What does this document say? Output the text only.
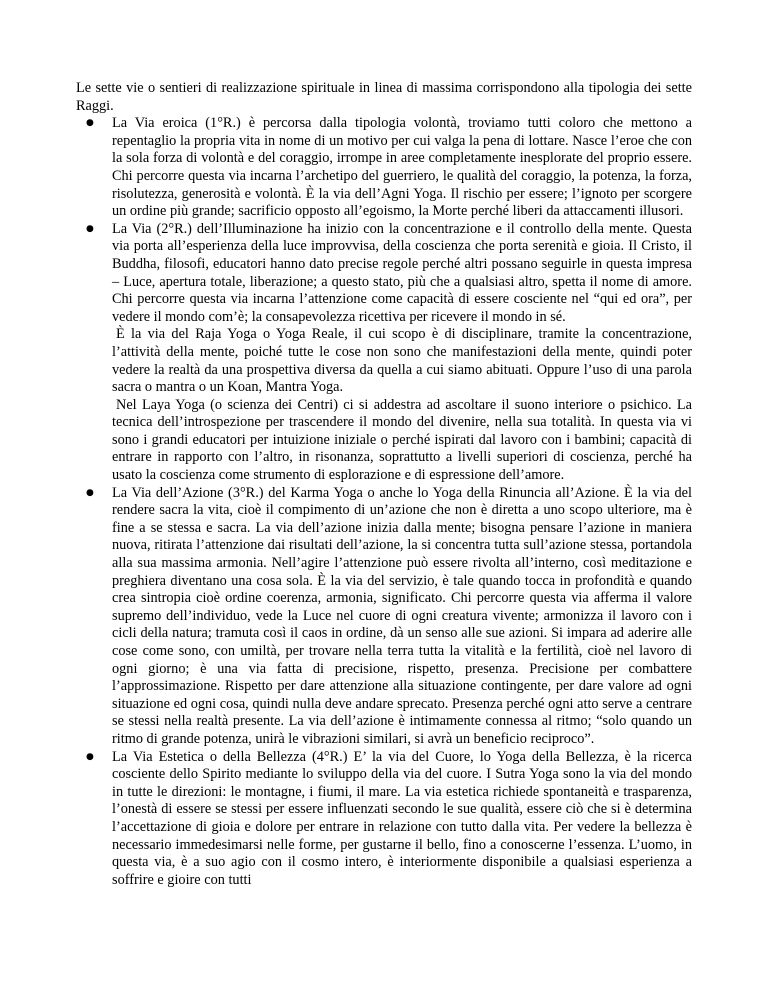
Le sette vie o sentieri di realizzazione spirituale in linea di massima corrispondono alla tipologia dei sette Raggi.

● La Via eroica (1°R.) è percorsa dalla tipologia volontà, troviamo tutti coloro che mettono a repentaglio la propria vita in nome di un motivo per cui valga la pena di lottare. Nasce l’eroe che con la sola forza di volontà e del coraggio, irrompe in aree completamente inesplorate del proprio essere. Chi percorre questa via incarna l’archetipo del guerriero, le qualità del coraggio, la potenza, la forza, risolutezza, generosità e volontà. È la via dell’Agni Yoga. Il rischio per essere; l’ignoto per scorgere un ordine più grande; sacrificio opposto all’egoismo, la Morte perché liberi da attaccamenti illusori.

● La Via (2°R.) dell’Illuminazione ha inizio con la concentrazione e il controllo della mente. Questa via porta all’esperienza della luce improvvisa, della coscienza che porta serenità e gioia. Il Cristo, il Buddha, filosofi, educatori hanno dato precise regole perché altri possano seguirle in questa impresa – Luce, apertura totale, liberazione; a questo stato, più che a qualsiasi altro, spetta il nome di amore. Chi percorre questa via incarna l’attenzione come capacità di essere cosciente nel “qui ed ora”, per vedere il mondo com’è; la consapevolezza ricettiva per ricevere il mondo in sé.

È la via del Raja Yoga o Yoga Reale, il cui scopo è di disciplinare, tramite la concentrazione, l’attività della mente, poiché tutte le cose non sono che manifestazioni della mente, quindi poter vedere la realtà da una prospettiva diversa da quella a cui siamo abituati. Oppure l’uso di una parola sacra o mantra o un Koan, Mantra Yoga.

Nel Laya Yoga (o scienza dei Centri) ci si addestra ad ascoltare il suono interiore o psichico. La tecnica dell’introspezione per trascendere il mondo del divenire, nella sua totalità. In questa via vi sono i grandi educatori per intuizione iniziale o perché ispirati dal lavoro con i bambini; capacità di entrare in rapporto con l’altro, in risonanza, soprattutto a livelli superiori di coscienza, perché ha usato la coscienza come strumento di esplorazione e di espressione dell’amore.

● La Via dell’Azione (3°R.) del Karma Yoga o anche lo Yoga della Rinuncia all’Azione. È la via del rendere sacra la vita, cioè il compimento di un’azione che non è diretta a uno scopo ulteriore, ma è fine a se stessa e sacra. La via dell’azione inizia dalla mente; bisogna pensare l’azione in maniera nuova, ritirata l’attenzione dai risultati dell’azione, la si concentra tutta sull’azione stessa, portandola alla sua massima armonia. Nell’agire l’attenzione può essere rivolta all’interno, così meditazione e preghiera diventano una cosa sola. È la via del servizio, è tale quando tocca in profondità e quando crea sintropia cioè ordine coerenza, armonia, significato. Chi percorre questa via afferma il valore supremo dell’individuo, vede la Luce nel cuore di ogni creatura vivente; armonizza il lavoro con i cicli della natura; tramuta così il caos in ordine, dà un senso alle sue azioni. Si impara ad aderire alle cose come sono, con umiltà, per trovare nella terra tutta la vitalità e la fertilità, cioè nel lavoro di ogni giorno; è una via fatta di precisione, rispetto, presenza. Precisione per combattere l’approssimazione. Rispetto per dare attenzione alla situazione contingente, per dare valore ad ogni situazione ed ogni cosa, quindi nulla deve andare sprecato. Presenza perché ogni atto serve a centrare se stessi nella realtà presente. La via dell’azione è intimamente connessa al ritmo; “solo quando un ritmo di grande potenza, unirà le vibrazioni similari, si avrà un beneficio reciproco”.

● La Via Estetica o della Bellezza (4°R.) E’ la via del Cuore, lo Yoga della Bellezza, è la ricerca cosciente dello Spirito mediante lo sviluppo della via del cuore. I Sutra Yoga sono la via del mondo in tutte le direzioni: le montagne, i fiumi, il mare. La via estetica richiede spontaneità e trasparenza, l’onestà di essere se stessi per essere influenzati secondo le sue qualità, essere ciò che si è determina l’accettazione di gioia e dolore per entrare in relazione con tutto dalla vita. Per vedere la bellezza è necessario immedesimarsi nelle forme, per gustarne il bello, fino a conoscerne l’essenza. L’uomo, in questa via, è a suo agio con il cosmo intero, è interiormente disponibile a qualsiasi esperienza a soffrire e gioire con tutti
